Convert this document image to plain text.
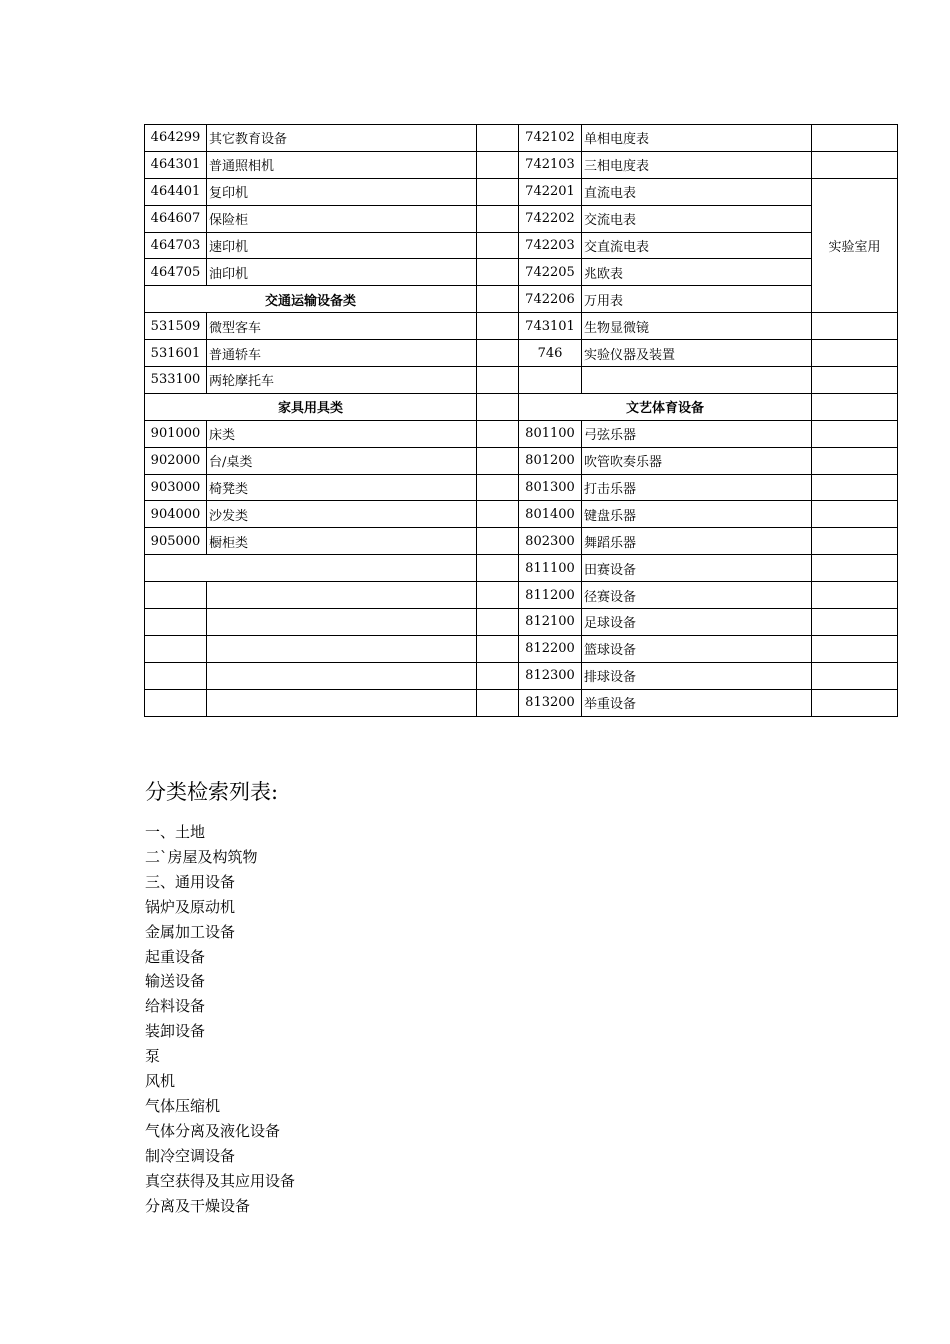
464299	其它教育设备		742102	单相电度表	
464301	普通照相机		742103	三相电度表	
464401	复印机		742201	直流电表	实验室用
464607	保险柜		742202	交流电表	
464703	速印机		742203	交直流电表	
464705	油印机		742205	兆欧表	
交通运输设备类			742206	万用表	
531509	微型客车		743101	生物显微镜	
531601	普通轿车		746	实验仪器及装置	
533100	两轮摩托车				
家具用具类			文艺体育设备		
901000	床类		801100	弓弦乐器	
902000	台/桌类		801200	吹管吹奏乐器	
903000	椅凳类		801300	打击乐器	
904000	沙发类		801400	键盘乐器	
905000	橱柜类		802300	舞蹈乐器	
			811100	田赛设备	
			811200	径赛设备	
			812100	足球设备	
			812200	篮球设备	
			812300	排球设备	
			813200	举重设备	
分类检索列表:
一、土地
二`房屋及构筑物
三、通用设备
锅炉及原动机
金属加工设备
起重设备
输送设备
给料设备
装卸设备
泵
风机
气体压缩机
气体分离及液化设备
制冷空调设备
真空获得及其应用设备
分离及干燥设备
